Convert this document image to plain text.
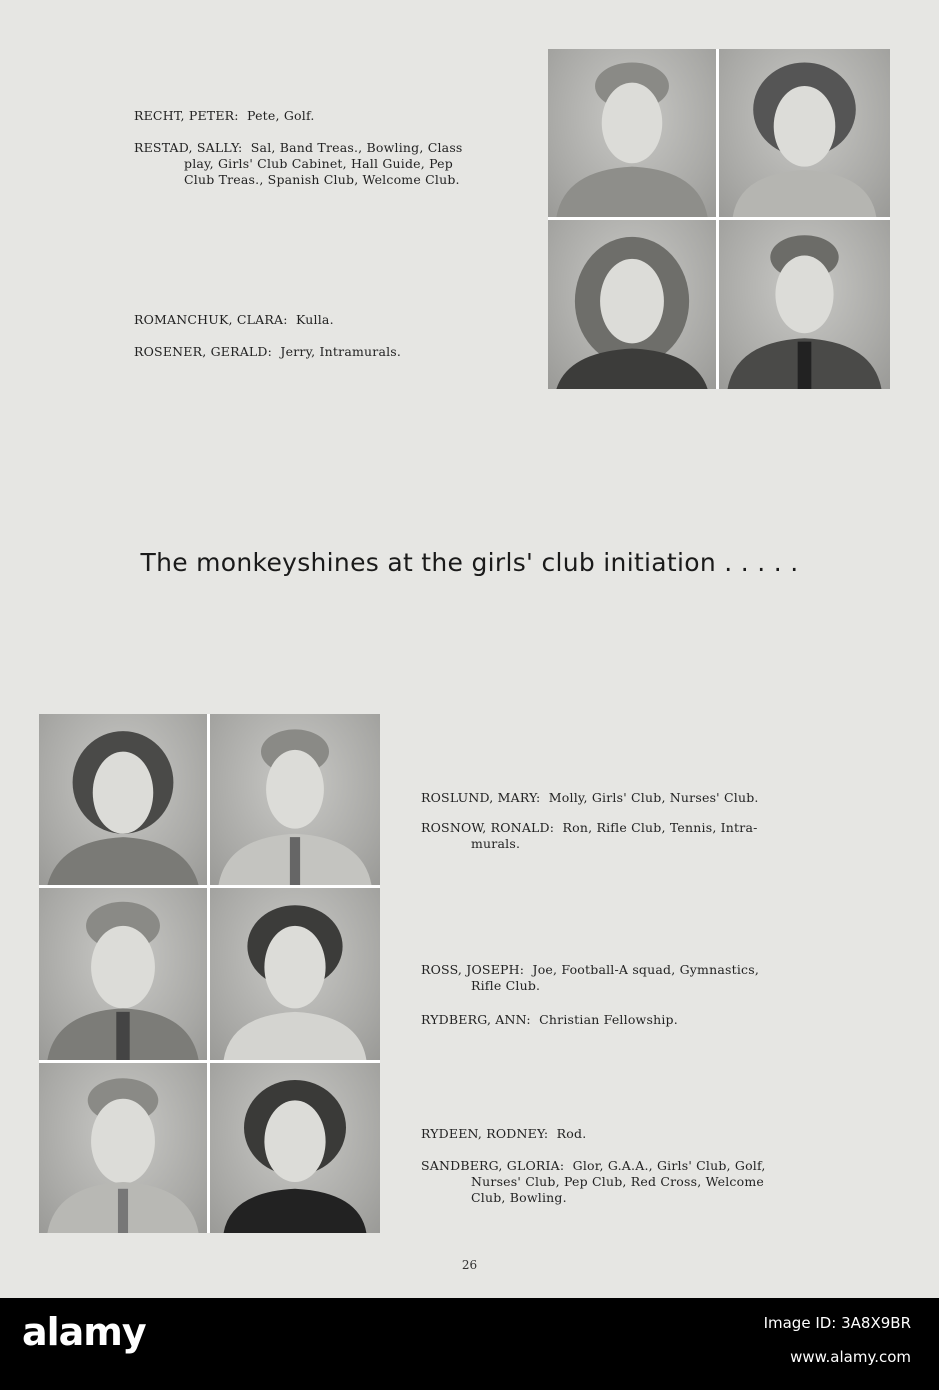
RECHT, PETER: Pete, Golf.
RESTAD, SALLY: Sal, Band Treas., Bowling, Class
play, Girls' Club Cabinet, Hall Guide, Pep
Club Treas., Spanish Club, Welcome Club.
ROMANCHUK, CLARA: Kulla.
ROSENER, GERALD: Jerry, Intramurals.
The monkeyshines at the girls' club initiation . . . . .
ROSLUND, MARY: Molly, Girls' Club, Nurses' Club.
ROSNOW, RONALD: Ron, Rifle Club, Tennis, Intra-
murals.
ROSS, JOSEPH: Joe, Football-A squad, Gymnastics,
Rifle Club.
RYDBERG, ANN: Christian Fellowship.
RYDEEN, RODNEY: Rod.
SANDBERG, GLORIA: Glor, G.A.A., Girls' Club, Golf,
Nurses' Club, Pep Club, Red Cross, Welcome
Club, Bowling.
26
alamy	Image ID: 3A8X9BR
www.alamy.com
